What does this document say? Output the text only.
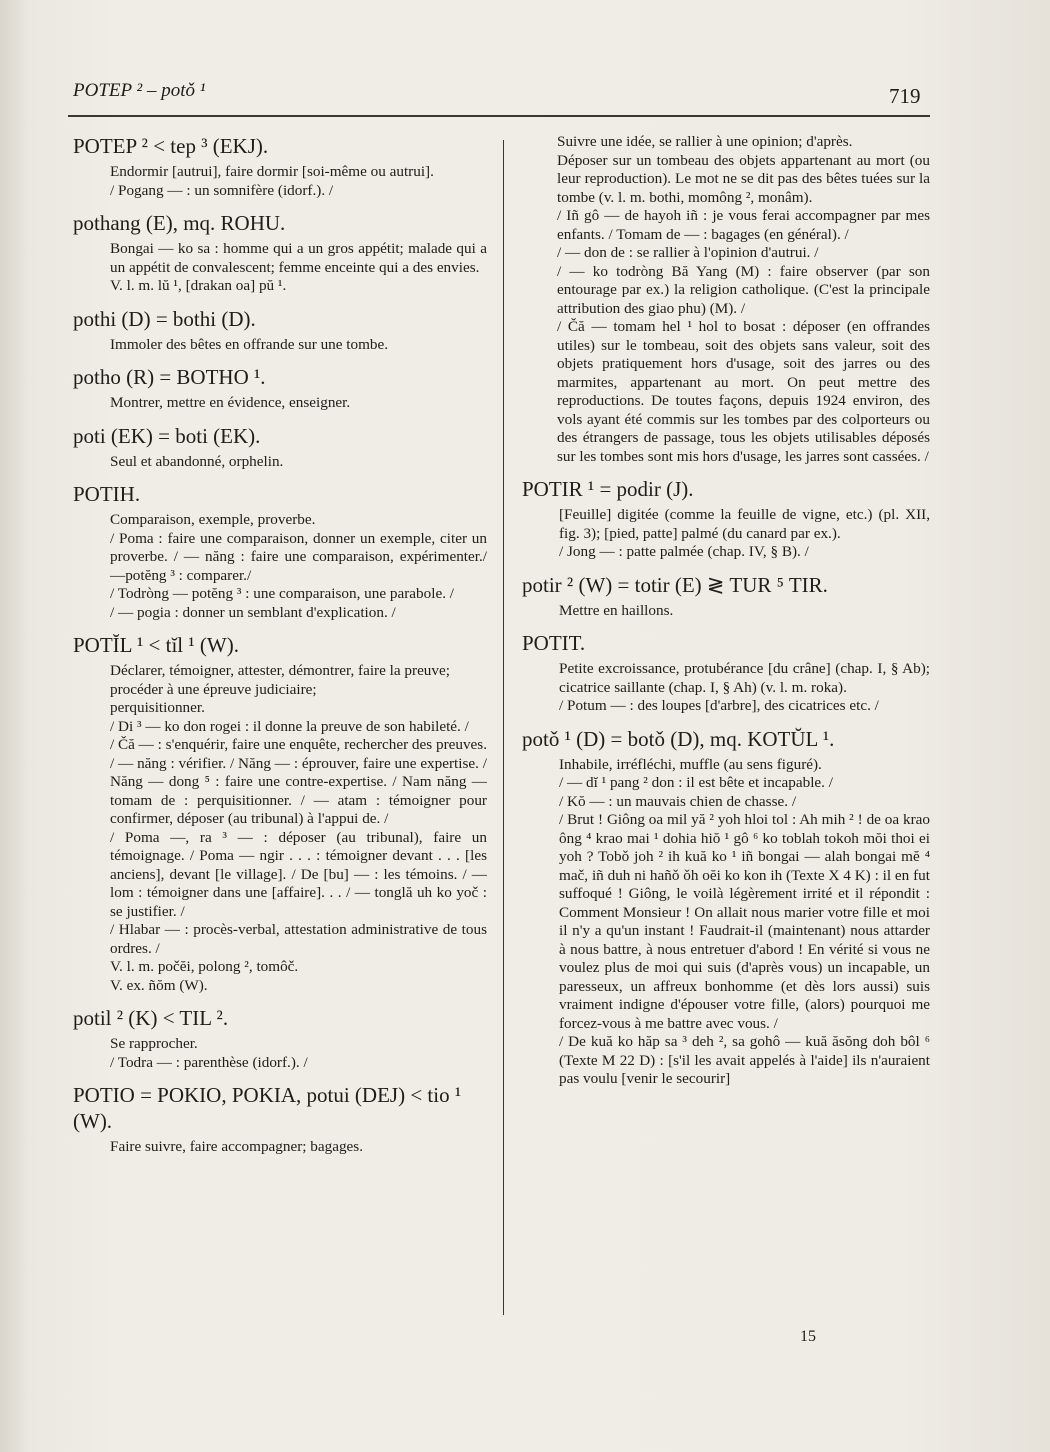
POTEP ² – potǒ ¹	719
POTEP ² < tep ³ (EKJ).

Endormir [autrui], faire dormir [soi-même ou autrui].

/ Pogang — : un somnifère (idorf.). /

pothang (E), mq. ROHU.

Bongai — ko sa : homme qui a un gros appétit; malade qui a un appétit de convalescent; femme enceinte qui a des envies.

V. l. m. lŭ ¹, [drakan oa] pŭ ¹.

pothi (D) = bothi (D).

Immoler des bêtes en offrande sur une tombe.

potho (R) = BOTHO ¹.

Montrer, mettre en évidence, enseigner.

poti (EK) = boti (EK).

Seul et abandonné, orphelin.

POTIH.

Comparaison, exemple, proverbe.

/ Poma : faire une comparaison, donner un exemple, citer un proverbe. / — năng : faire une comparaison, expérimenter./ —potĕng ³ : comparer./

/ Todròng — potĕng ³ : une comparaison, une parabole. /

/ — pogia : donner un semblant d'explication. /

POTĬL ¹ < tĭl ¹ (W).

Déclarer, témoigner, attester, démontrer, faire la preuve;

procéder à une épreuve judiciaire;

perquisitionner.

/ Di ³ — ko don rogei : il donne la preuve de son habileté. /

/ Čă — : s'enquérir, faire une enquête, rechercher des preuves. / — năng : vérifier. / Năng — : éprouver, faire une expertise. / Năng — dong ⁵ : faire une contre-expertise. / Nam năng — tomam de : perquisitionner. / — atam : témoigner pour confirmer, déposer (au tribunal) à l'appui de. /

/ Poma —, ra ³ — : déposer (au tribunal), faire un témoignage. / Poma — ngir . . . : témoigner devant . . . [les anciens], devant [le village]. / De [bu] — : les témoins. / — lom : témoigner dans une [affaire]. . . / — tonglă uh ko yoč : se justifier. /

/ Hlabar — : procès-verbal, attestation administrative de tous ordres. /

V. l. m. počĕi, polong ², tomôč.

V. ex. ñŏm (W).

potil ² (K) < TIL ².

Se rapprocher.

/ Todra — : parenthèse (idorf.). /

POTIO = POKIO, POKIA, potui (DEJ) < tio ¹ (W).

Faire suivre, faire accompagner; bagages.

Suivre une idée, se rallier à une opinion; d'après.

Déposer sur un tombeau des objets appartenant au mort (ou leur reproduction). Le mot ne se dit pas des bêtes tuées sur la tombe (v. l. m. bothi, momông ², monâm).

/ Iñ gô — de hayoh iñ : je vous ferai accompagner par mes enfants. / Tomam de — : bagages (en général). /

/ — don de : se rallier à l'opinion d'autrui. /

/ — ko todròng Bă Yang (M) : faire observer (par son entourage par ex.) la religion catholique. (C'est la principale attribution des giao phu) (M). /

/ Čă — tomam hel ¹ hol to bosat : déposer (en offrandes utiles) sur le tombeau, soit des objets sans valeur, soit des objets pratiquement hors d'usage, soit des jarres ou des marmites, appartenant au mort. On peut mettre des reproductions. De toutes façons, depuis 1924 environ, des vols ayant été commis sur les tombes par des colporteurs ou des étrangers de passage, tous les objets utilisables déposés sur les tombes sont mis hors d'usage, les jarres sont cassées. /

POTIR ¹ = podir (J).

[Feuille] digitée (comme la feuille de vigne, etc.) (pl. XII, fig. 3); [pied, patte] palmé (du canard par ex.).

/ Jong — : patte palmée (chap. IV, § B). /

potir ² (W) = totir (E) ≷ TUR ⁵ TIR.

Mettre en haillons.

POTIT.

Petite excroissance, protubérance [du crâne] (chap. I, § Ab); cicatrice saillante (chap. I, § Ah) (v. l. m. roka).

/ Potum — : des loupes [d'arbre], des cicatrices etc. /

potǒ ¹ (D) = botǒ (D), mq. KOTŬL ¹.

Inhabile, irréfléchi, muffle (au sens figuré).

/ — dĭ ¹ pang ² don : il est bête et incapable. /

/ Kŏ — : un mauvais chien de chasse. /

/ Brut ! Giông oa mil yă ² yoh hloi tol : Ah mih ² ! de oa krao ông ⁴ krao mai ¹ dohia hiŏ ¹ gô ⁶ ko toblah tokoh mŏi thoi ei yoh ? Tobǒ joh ² ih kuă ko ¹ iñ bongai — alah bongai mĕ ⁴ mač, iñ duh ni hañǒ ǒh oĕi ko kon ih (Texte X 4 K) : il en fut suffoqué ! Giông, le voilà légèrement irrité et il répondit : Comment Monsieur ! On allait nous marier votre fille et moi il n'y a qu'un instant ! Faudrait-il (maintenant) nous attarder à nous battre, à nous entretuer d'abord ! En vérité si vous ne voulez plus de moi qui suis (d'après vous) un incapable, un paresseux, un affreux bonhomme (et dès lors aussi) suis vraiment indigne d'épouser votre fille, (alors) pourquoi me forcez-vous à me battre avec vous. /

/ De kuă ko hăp sa ³ deh ², sa gohô — kuă ăsŏng doh bôl ⁶ (Texte M 22 D) : [s'il les avait appelés à l'aide] ils n'auraient pas voulu [venir le secourir]

15
